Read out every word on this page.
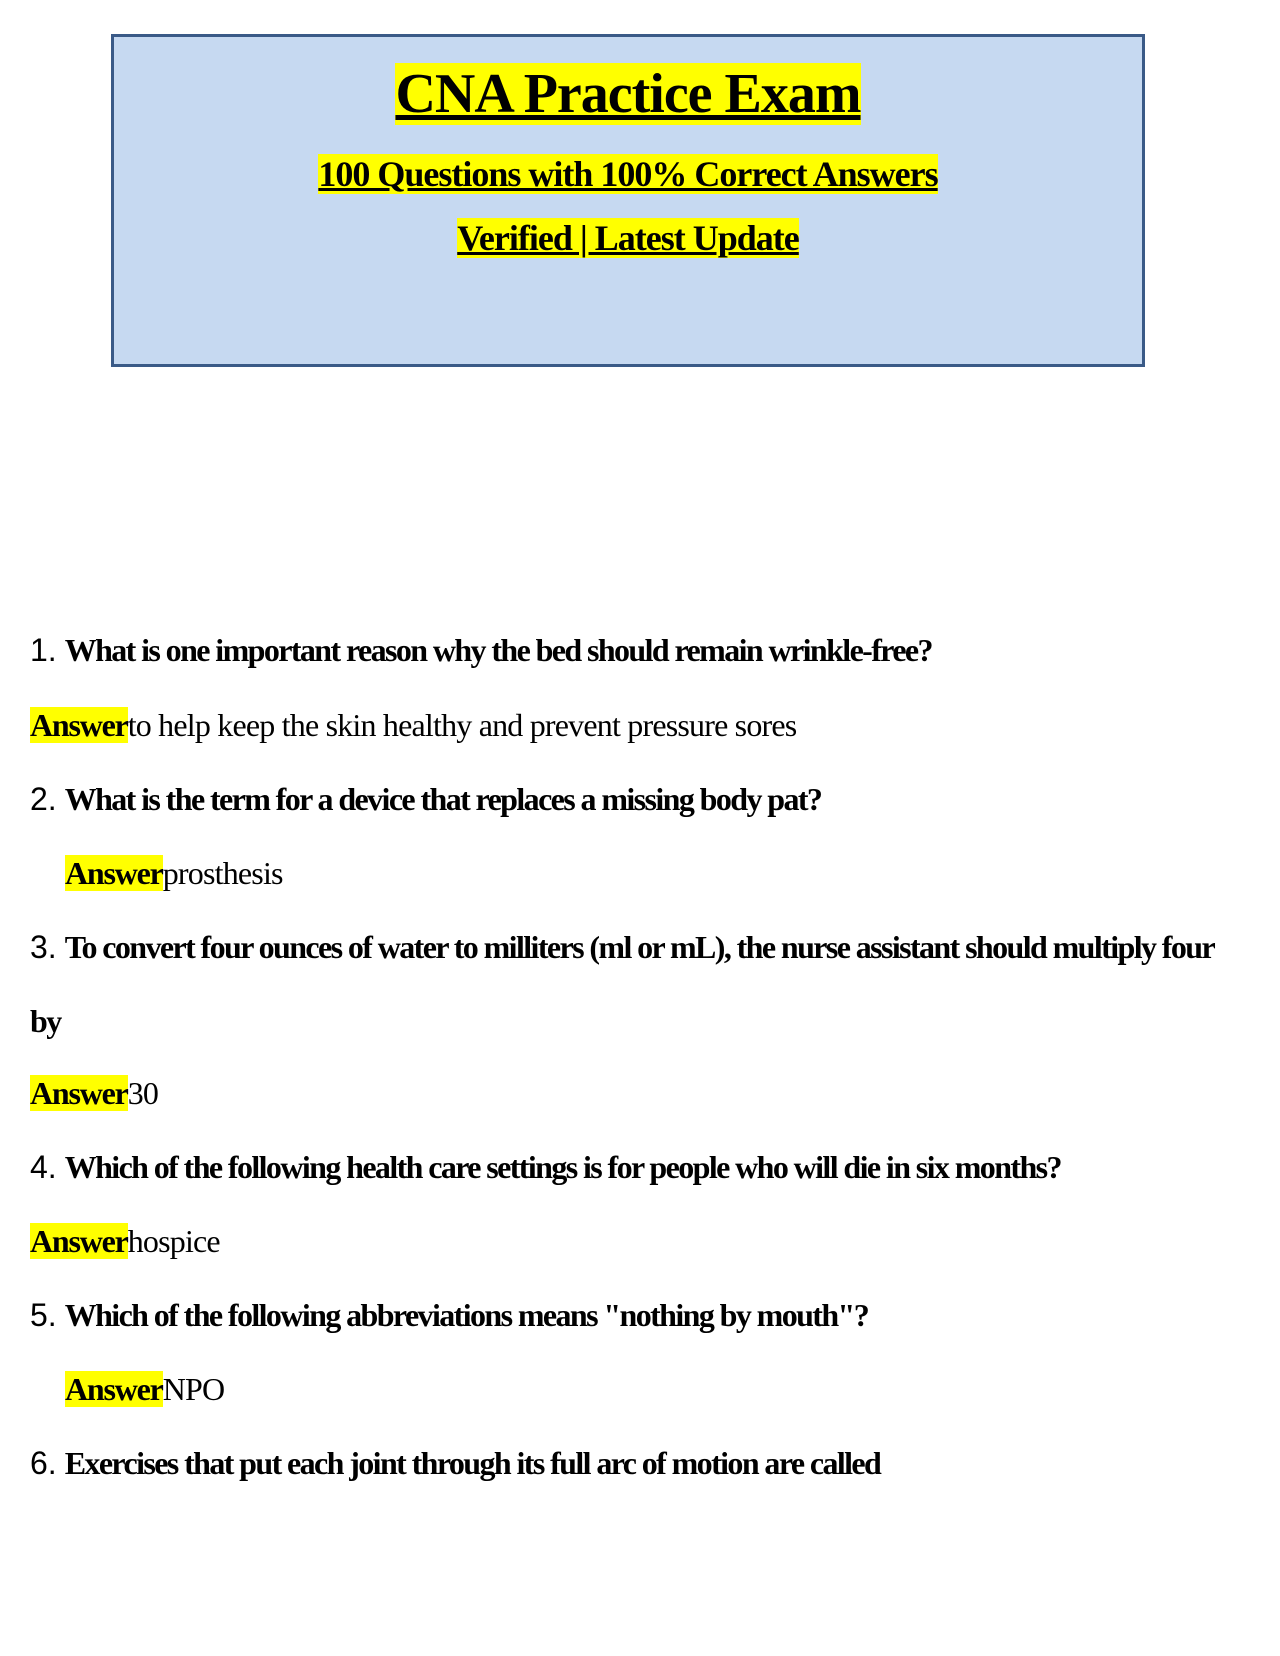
CNA Practice Exam
100 Questions with 100% Correct Answers
Verified | Latest Update
1. What is one important reason why the bed should remain wrinkle-free?
Answerto help keep the skin healthy and prevent pressure sores
2. What is the term for a device that replaces a missing body pat?
Answerprosthesis
3. To convert four ounces of water to milliters (ml or mL), the nurse assistant should multiply four
by
Answer30
4. Which of the following health care settings is for people who will die in six months?
Answerhospice
5. Which of the following abbreviations means "nothing by mouth"?
AnswerNPO
6. Exercises that put each joint through its full arc of motion are called
